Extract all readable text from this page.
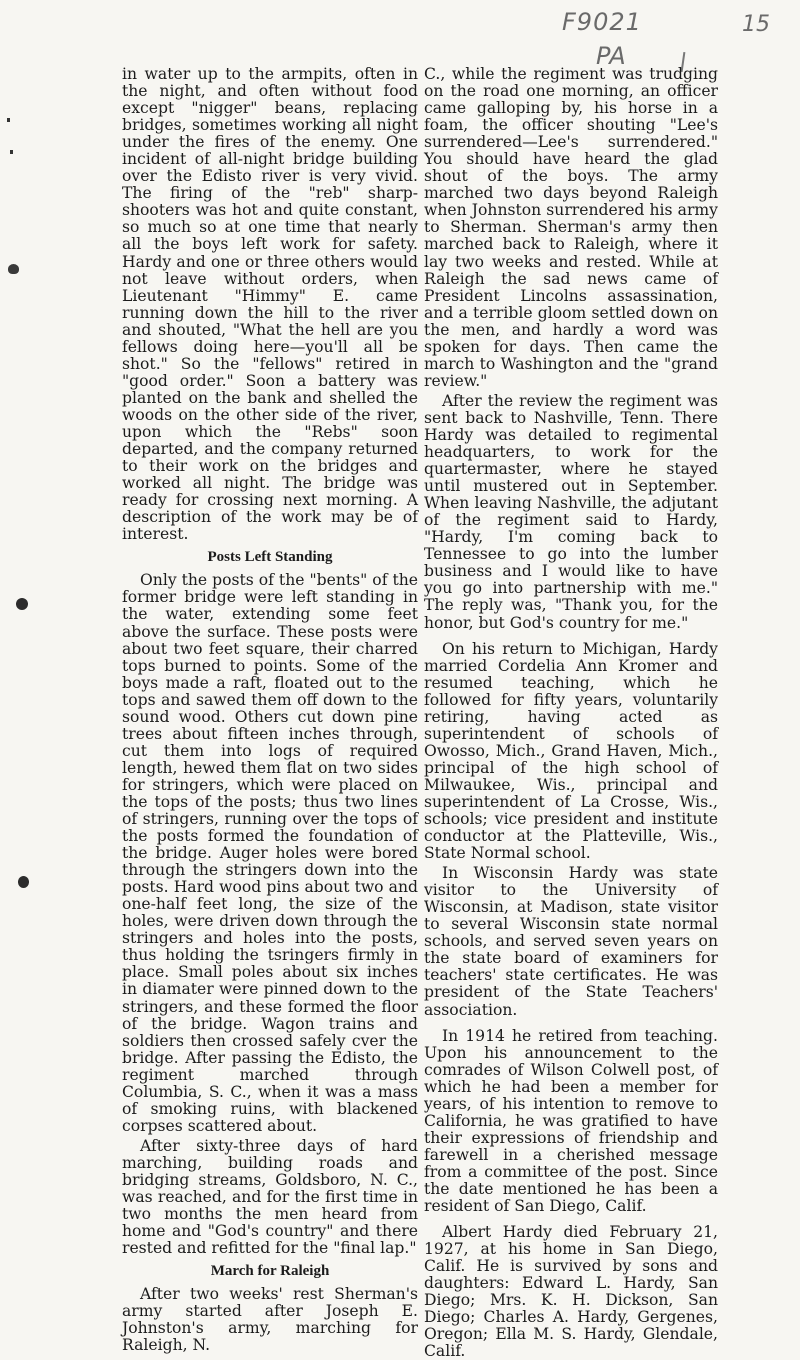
F9021
PA
15

in water up to the armpits, often in the night, and often without food except "nigger" beans, replacing bridges, sometimes working all night under the fires of the enemy. One incident of all-night bridge building over the Edisto river is very vivid. The firing of the "reb" sharp-shooters was hot and quite constant, so much so at one time that nearly all the boys left work for safety. Hardy and one or three others would not leave without orders, when Lieutenant "Himmy" E. came running down the hill to the river and shouted, "What the hell are you fellows doing here—you'll all be shot." So the "fellows" retired in "good order." Soon a battery was planted on the bank and shelled the woods on the other side of the river, upon which the "Rebs" soon departed, and the company returned to their work on the bridges and worked all night. The bridge was ready for crossing next morning. A description of the work may be of interest.

Posts Left Standing

Only the posts of the "bents" of the former bridge were left standing in the water, extending some feet above the surface. These posts were about two feet square, their charred tops burned to points. Some of the boys made a raft, floated out to the tops and sawed them off down to the sound wood. Others cut down pine trees about fifteen inches through, cut them into logs of required length, hewed them flat on two sides for stringers, which were placed on the tops of the posts; thus two lines of stringers, running over the tops of the posts formed the foundation of the bridge. Auger holes were bored through the stringers down into the posts. Hard wood pins about two and one-half feet long, the size of the holes, were driven down through the stringers and holes into the posts, thus holding the tsringers firmly in place. Small poles about six inches in diamater were pinned down to the stringers, and these formed the floor of the bridge. Wagon trains and soldiers then crossed safely cver the bridge. After passing the Edisto, the regiment marched through Columbia, S. C., when it was a mass of smoking ruins, with blackened corpses scattered about.

After sixty-three days of hard marching, building roads and bridging streams, Goldsboro, N. C., was reached, and for the first time in two months the men heard from home and "God's country" and there rested and refitted for the "final lap."

March for Raleigh

After two weeks' rest Sherman's army started after Joseph E. Johnston's army, marching for Raleigh, N.

C., while the regiment was trudging on the road one morning, an officer came galloping by, his horse in a foam, the officer shouting "Lee's surrendered—Lee's surrendered." You should have heard the glad shout of the boys. The army marched two days beyond Raleigh when Johnston surrendered his army to Sherman. Sherman's army then marched back to Raleigh, where it lay two weeks and rested. While at Raleigh the sad news came of President Lincolns assassination, and a terrible gloom settled down on the men, and hardly a word was spoken for days. Then came the march to Washington and the "grand review."

After the review the regiment was sent back to Nashville, Tenn. There Hardy was detailed to regimental headquarters, to work for the quartermaster, where he stayed until mustered out in September. When leaving Nashville, the adjutant of the regiment said to Hardy, "Hardy, I'm coming back to Tennessee to go into the lumber business and I would like to have you go into partnership with me." The reply was, "Thank you, for the honor, but God's country for me."

On his return to Michigan, Hardy married Cordelia Ann Kromer and resumed teaching, which he followed for fifty years, voluntarily retiring, having acted as superintendent of schools of Owosso, Mich., Grand Haven, Mich., principal of the high school of Milwaukee, Wis., principal and superintendent of La Crosse, Wis., schools; vice president and institute conductor at the Platteville, Wis., State Normal school.

In Wisconsin Hardy was state visitor to the University of Wisconsin, at Madison, state visitor to several Wisconsin state normal schools, and served seven years on the state board of examiners for teachers' state certificates. He was president of the State Teachers' association.

In 1914 he retired from teaching. Upon his announcement to the comrades of Wilson Colwell post, of which he had been a member for years, of his intention to remove to California, he was gratified to have their expressions of friendship and farewell in a cherished message from a committee of the post. Since the date mentioned he has been a resident of San Diego, Calif.

Albert Hardy died February 21, 1927, at his home in San Diego, Calif. He is survived by sons and daughters: Edward L. Hardy, San Diego; Mrs. K. H. Dickson, San Diego; Charles A. Hardy, Gergenes, Oregon; Ella M. S. Hardy, Glendale, Calif.
